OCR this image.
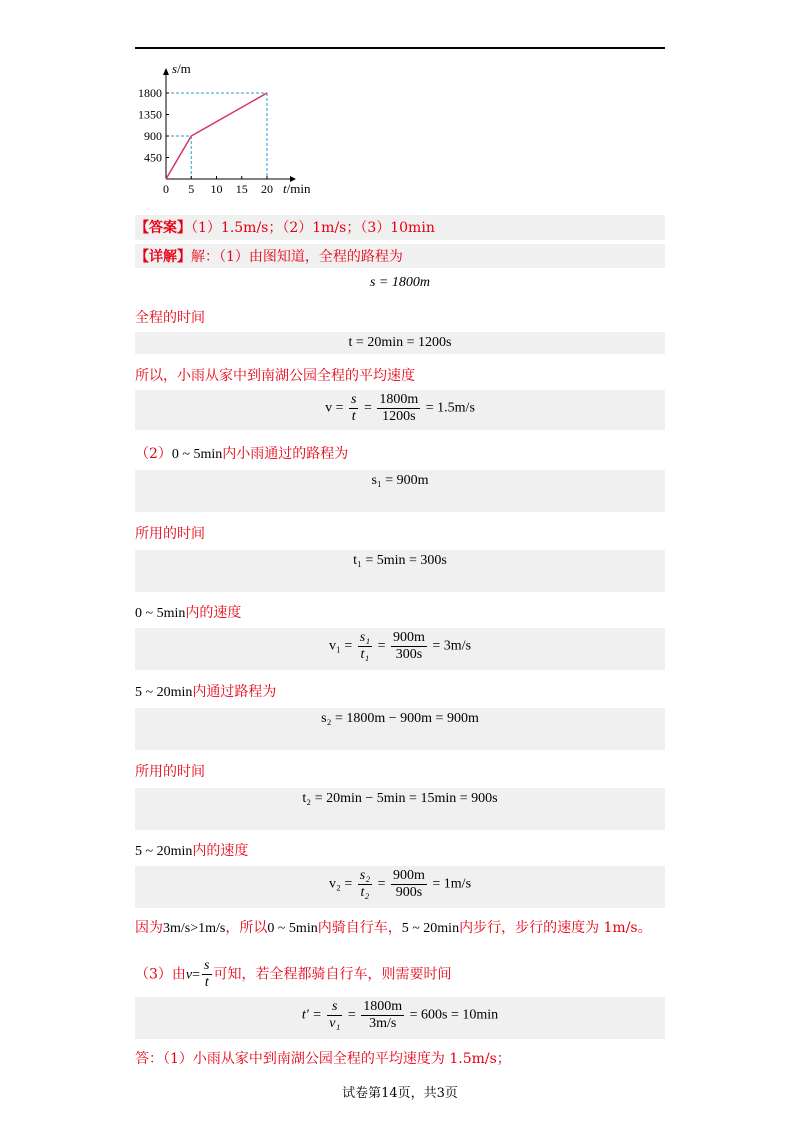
0 5 10 15 20
450
900
1350
1800
s/m
t/min
【答案】（1）1.5m/s；（2）1m/s；（3）10min
【详解】解：（1）由图知道，全程的路程为
s = 1800m
全程的时间
t = 20min = 1200s
所以，小雨从家中到南湖公园全程的平均速度
$v = \frac{s}{t} = \frac{1800m}{1200s} = 1.5m/s$
（2）0 ~ 5min内小雨通过的路程为
s₁ = 900m
所用的时间
t₁ = 5min = 300s
0 ~ 5min内的速度
$v_1 = \frac{\text{s₁}}{\text{t₁}} = \frac{900m}{300s} = 3m/s$
5 ~ 20min内通过路程为
s₂ = 1800m − 900m = 900m
所用的时间
t₂ = 20min − 5min = 15min = 900s
5 ~ 20min内的速度
$v_2 = \frac{\text{s₂}}{\text{t₂}} = \frac{900m}{900s} = 1m/s$
因为3m/s>1m/s，所以0 ~ 5min内骑自行车，5 ~ 20min内步行，步行的速度为 1m/s。
（3）由$v= \frac{s}{t}$ 可知，若全程都骑自行车，则需要时间
$t' = \frac{s}{\text{v₁}} = \frac{1800m}{3m/s} = 600s = 10\min$
答：（1）小雨从家中到南湖公园全程的平均速度为 1.5m/s；
试卷第14页，共3页
